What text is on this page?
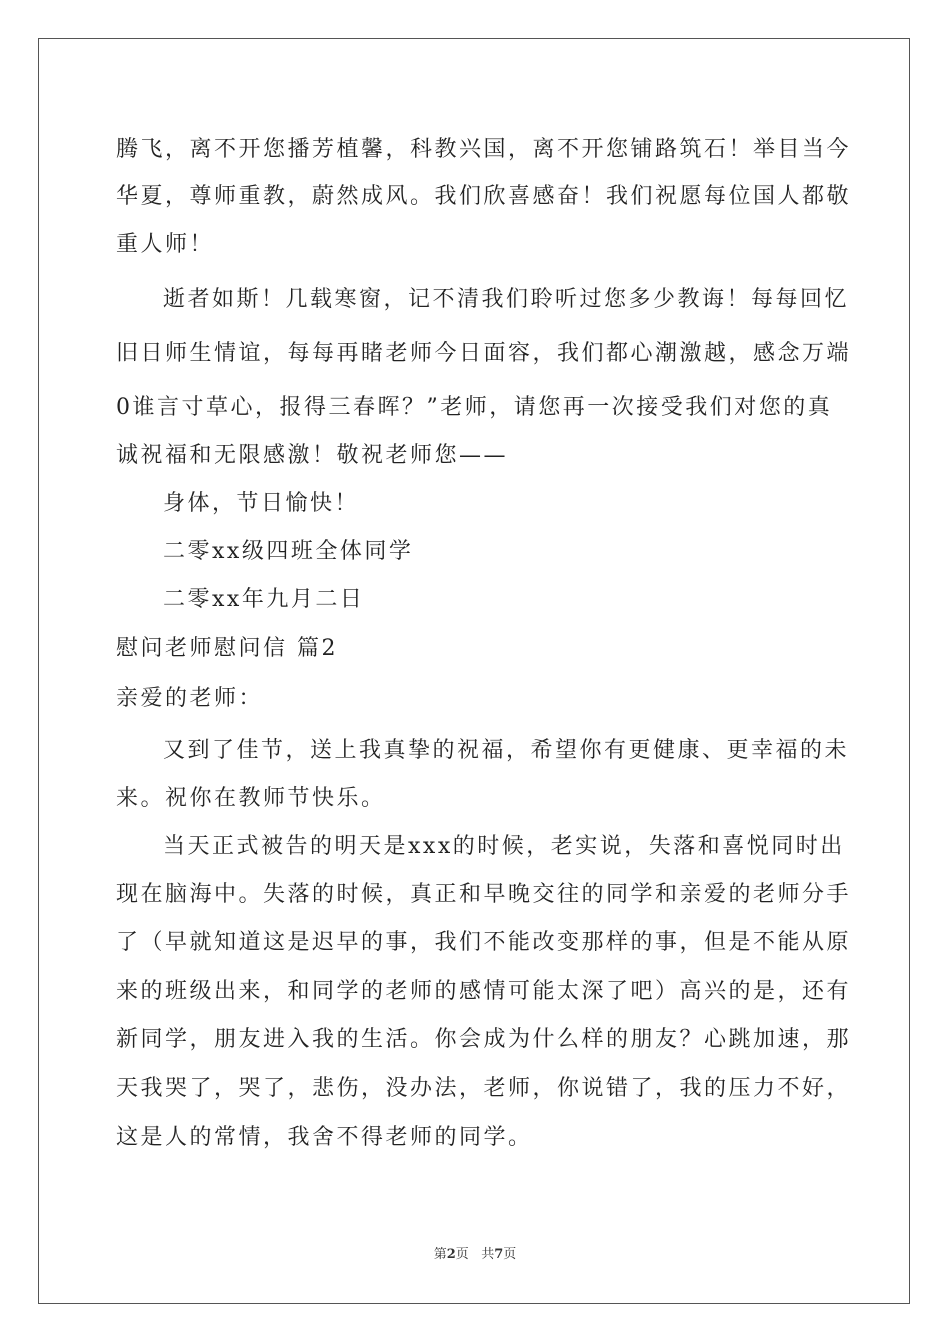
腾飞，离不开您播芳植馨，科教兴国，离不开您铺路筑石！举目当今
华夏，尊师重教，蔚然成风。我们欣喜感奋！我们祝愿每位国人都敬
重人师！
逝者如斯！几载寒窗，记不清我们聆听过您多少教诲！每每回忆
旧日师生情谊，每每再睹老师今日面容，我们都心潮激越，感念万端
0谁言寸草心，报得三春晖？”老师，请您再一次接受我们对您的真
诚祝福和无限感激！敬祝老师您——
身体，节日愉快！
二零xx级四班全体同学
二零xx年九月二日
慰问老师慰问信 篇2
亲爱的老师：
又到了佳节，送上我真挚的祝福，希望你有更健康、更幸福的未
来。祝你在教师节快乐。
当天正式被告的明天是xxx的时候，老实说，失落和喜悦同时出
现在脑海中。失落的时候，真正和早晚交往的同学和亲爱的老师分手
了（早就知道这是迟早的事，我们不能改变那样的事，但是不能从原
来的班级出来，和同学的老师的感情可能太深了吧）高兴的是，还有
新同学，朋友进入我的生活。你会成为什么样的朋友？心跳加速，那
天我哭了，哭了，悲伤，没办法，老师，你说错了，我的压力不好，
这是人的常情，我舍不得老师的同学。
第2页 共7页
